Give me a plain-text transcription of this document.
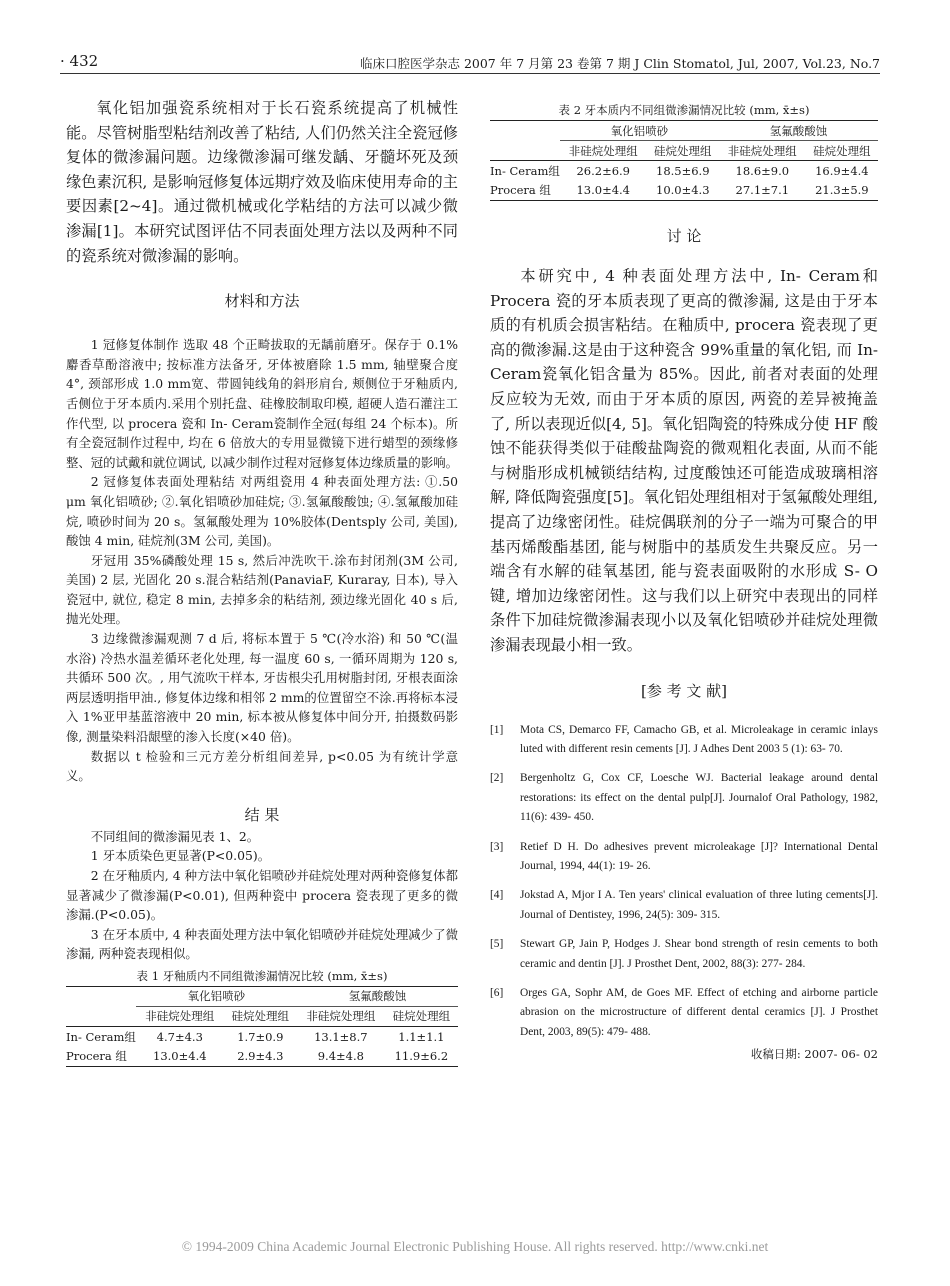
· 432	临床口腔医学杂志 2007 年 7 月第 23 卷第 7 期 J Clin Stomatol, Jul, 2007, Vol.23, No.7

氧化铝加强瓷系统相对于长石瓷系统提高了机械性能。尽管树脂型粘结剂改善了粘结, 人们仍然关注全瓷冠修复体的微渗漏问题。边缘微渗漏可继发龋、牙髓坏死及颈缘色素沉积, 是影响冠修复体远期疗效及临床使用寿命的主要因素[2~4]。通过微机械或化学粘结的方法可以减少微渗漏[1]。本研究试图评估不同表面处理方法以及两种不同的瓷系统对微渗漏的影响。

材料和方法

1 冠修复体制作 选取 48 个正畸拔取的无龋前磨牙。保存于 0.1%麝香草酚溶液中; 按标准方法备牙, 牙体被磨除 1.5 mm, 轴壁聚合度 4°, 颈部形成 1.0 mm宽、带圆钝线角的斜形肩台, 颊侧位于牙釉质内, 舌侧位于牙本质内.采用个别托盘、硅橡胶制取印模, 超硬人造石灌注工作代型, 以 procera 瓷和 In- Ceram瓷制作全冠(每组 24 个标本)。所有全瓷冠制作过程中, 均在 6 倍放大的专用显微镜下进行蜡型的颈缘修整、冠的试戴和就位调试, 以减少制作过程对冠修复体边缘质量的影响。

2 冠修复体表面处理粘结 对两组瓷用 4 种表面处理方法: ①.50 μm 氧化铝喷砂; ②.氧化铝喷砂加硅烷; ③.氢氟酸酸蚀; ④.氢氟酸加硅烷, 喷砂时间为 20 s。氢氟酸处理为 10%胶体(Dentsply 公司, 美国), 酸蚀 4 min, 硅烷剂(3M 公司, 美国)。

牙冠用 35%磷酸处理 15 s, 然后冲洗吹干.涂布封闭剂(3M 公司, 美国) 2 层, 光固化 20 s.混合粘结剂(PanaviaF, Kuraray, 日本), 导入瓷冠中, 就位, 稳定 8 min, 去掉多余的粘结剂, 颈边缘光固化 40 s 后, 抛光处理。

3 边缘微渗漏观测 7 d 后, 将标本置于 5 ℃(冷水浴) 和 50 ℃(温水浴) 冷热水温差循环老化处理, 每一温度 60 s, 一循环周期为 120 s, 共循环 500 次。, 用气流吹干样本, 牙齿根尖孔用树脂封闭, 牙根表面涂两层透明指甲油., 修复体边缘和相邻 2 mm的位置留空不涂.再将标本浸入 1%亚甲基蓝溶液中 20 min, 标本被从修复体中间分开, 拍摄数码影像, 测量染料沿龈壁的渗入长度(×40 倍)。

数据以 t 检验和三元方差分析组间差异, p<0.05 为有统计学意义。

结 果

不同组间的微渗漏见表 1、2。

1 牙本质染色更显著(P<0.05)。

2 在牙釉质内, 4 种方法中氧化铝喷砂并硅烷处理对两种瓷修复体都显著减少了微渗漏(P<0.01), 但两种瓷中 procera 瓷表现了更多的微渗漏.(P<0.05)。

3 在牙本质中, 4 种表面处理方法中氧化铝喷砂并硅烷处理减少了微渗漏, 两种瓷表现相似。

表 1 牙釉质内不同组微渗漏情况比较 (mm, x̄±s)

	氧化铝喷砂		氢氟酸酸蚀	
	非硅烷处理组	硅烷处理组	非硅烷处理组	硅烷处理组
In- Ceram组	4.7±4.3	1.7±0.9	13.1±8.7	1.1±1.1
Procera 组	13.0±4.4	2.9±4.3	9.4±4.8	11.9±6.2

表 2 牙本质内不同组微渗漏情况比较 (mm, x̄±s)

	氧化铝喷砂		氢氟酸酸蚀	
	非硅烷处理组	硅烷处理组	非硅烷处理组	硅烷处理组
In- Ceram组	26.2±6.9	18.5±6.9	18.6±9.0	16.9±4.4
Procera 组	13.0±4.4	10.0±4.3	27.1±7.1	21.3±5.9

讨 论

本研究中, 4 种表面处理方法中, In- Ceram和 Procera 瓷的牙本质表现了更高的微渗漏, 这是由于牙本质的有机质会损害粘结。在釉质中, procera 瓷表现了更高的微渗漏.这是由于这种瓷含 99%重量的氧化铝, 而 In- Ceram瓷氧化铝含量为 85%。因此, 前者对表面的处理反应较为无效, 而由于牙本质的原因, 两瓷的差异被掩盖了, 所以表现近似[4, 5]。氧化铝陶瓷的特殊成分使 HF 酸蚀不能获得类似于硅酸盐陶瓷的微观粗化表面, 从而不能与树脂形成机械锁结结构, 过度酸蚀还可能造成玻璃相溶解, 降低陶瓷强度[5]。氧化铝处理组相对于氢氟酸处理组, 提高了边缘密闭性。硅烷偶联剂的分子一端为可聚合的甲基丙烯酸酯基团, 能与树脂中的基质发生共聚反应。另一端含有水解的硅氧基团, 能与瓷表面吸附的水形成 S- O 键, 增加边缘密闭性。这与我们以上研究中表现出的同样条件下加硅烷微渗漏表现小以及氧化铝喷砂并硅烷处理微渗漏表现最小相一致。

[参 考 文 献]

[1]	Mota CS, Demarco FF, Camacho GB, et al. Microleakage in ceramic inlays luted with different resin cements [J]. J Adhes Dent 2003 5 (1): 63- 70.
[2]	Bergenholtz G, Cox CF, Loesche WJ. Bacterial leakage around dental restorations: its effect on the dental pulp[J]. Journalof Oral Pathology, 1982, 11(6): 439- 450.
[3]	Retief D H. Do adhesives prevent microleakage [J]? International Dental Journal, 1994, 44(1): 19- 26.
[4]	Jokstad A, Mjor I A. Ten years' clinical evaluation of three luting cements[J]. Journal of Dentistey, 1996, 24(5): 309- 315.
[5]	Stewart GP, Jain P, Hodges J. Shear bond strength of resin cements to both ceramic and dentin [J]. J Prosthet Dent, 2002, 88(3): 277- 284.
[6]	Orges GA, Sophr AM, de Goes MF. Effect of etching and airborne particle abrasion on the microstructure of different dental ceramics [J]. J Prosthet Dent, 2003, 89(5): 479- 488.

收稿日期: 2007- 06- 02

© 1994-2009 China Academic Journal Electronic Publishing House. All rights reserved. http://www.cnki.net
